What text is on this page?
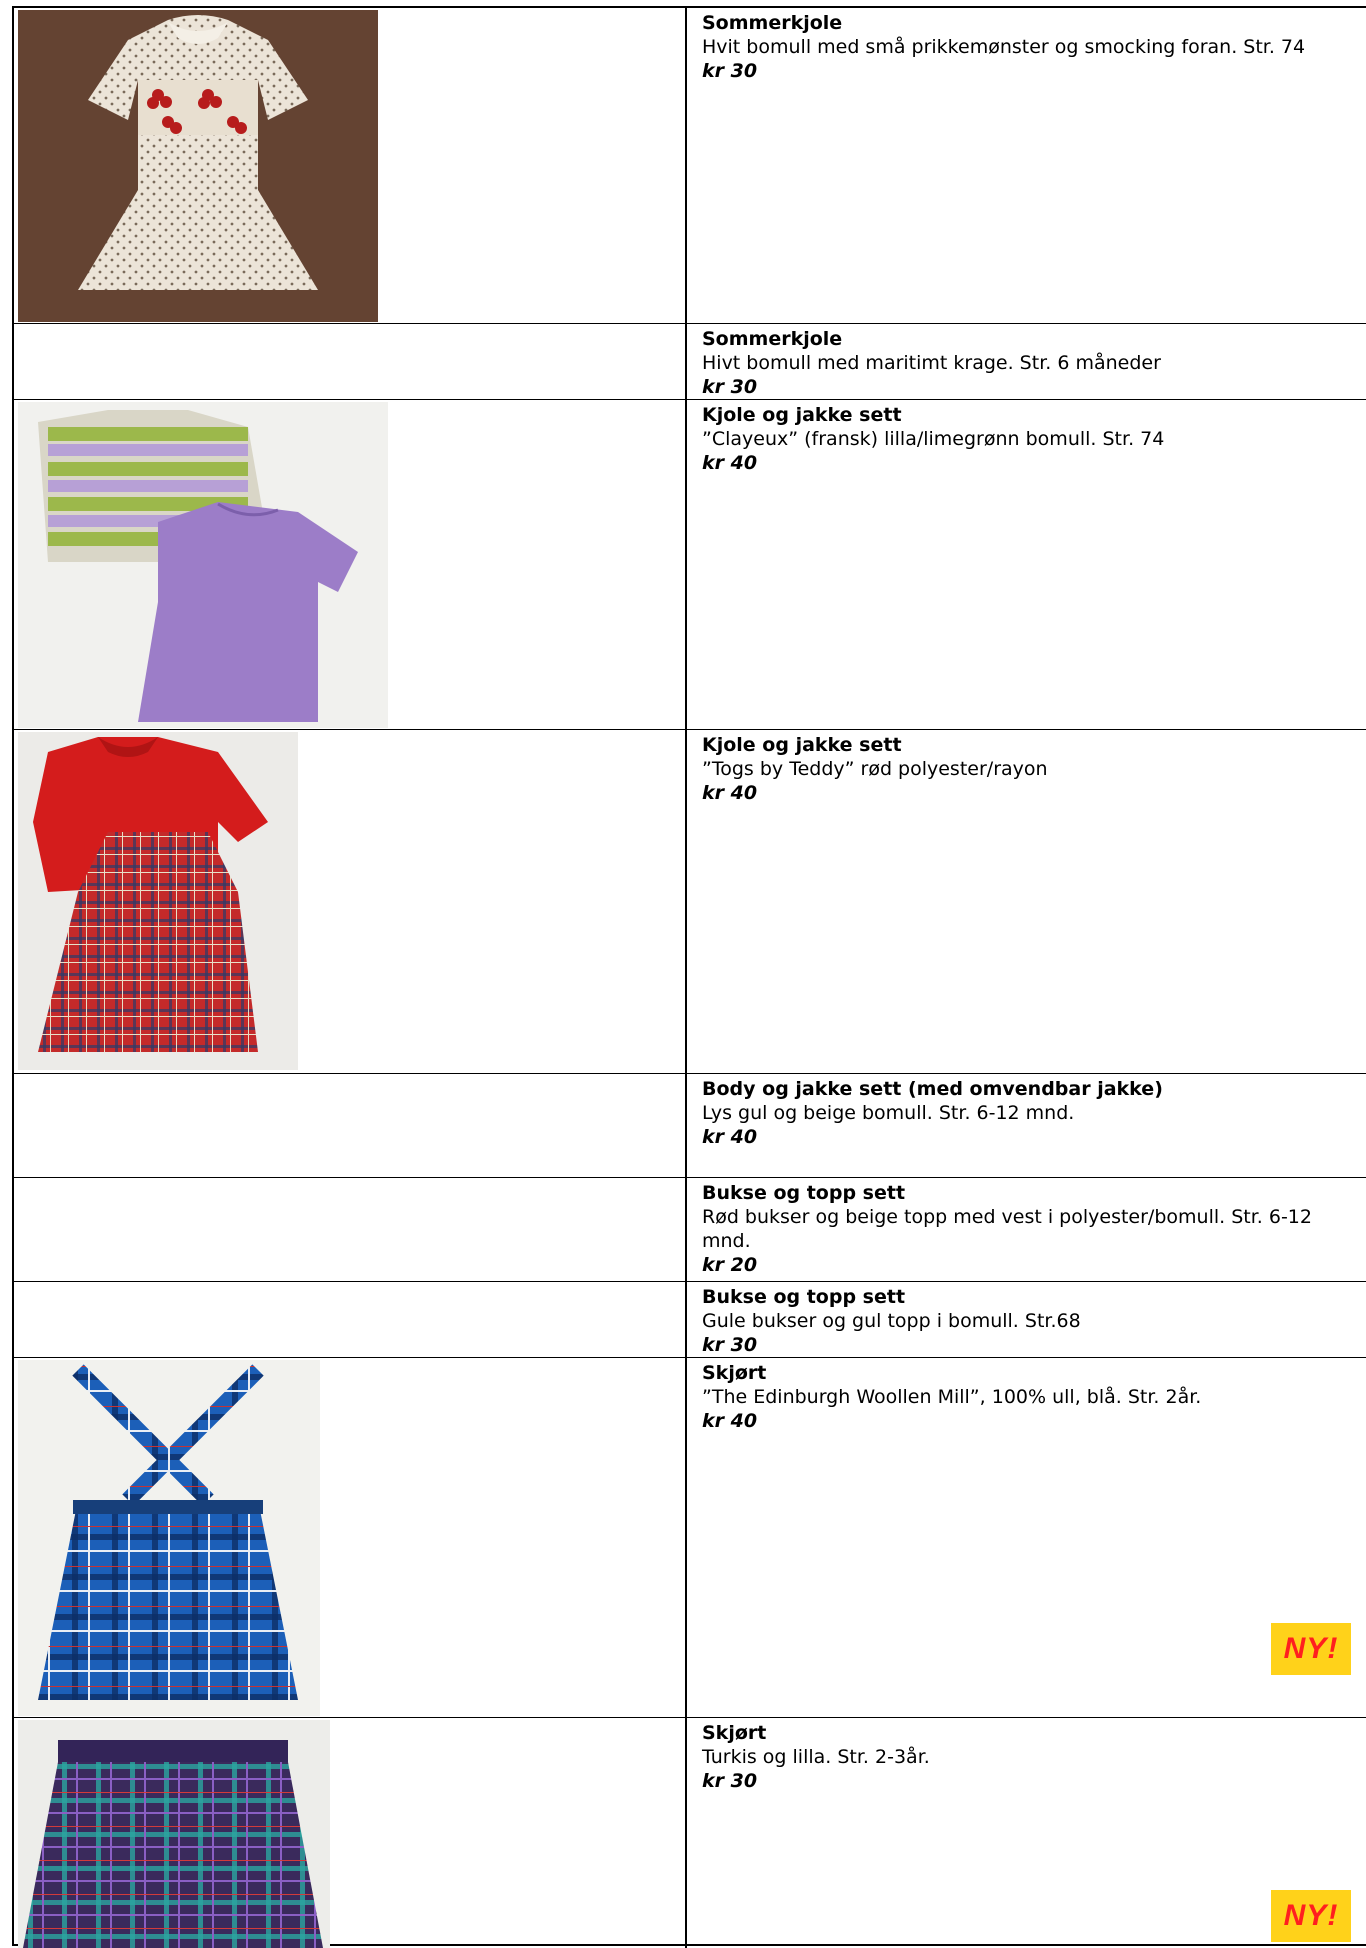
Sommerkjole
Hvit bomull med små prikkemønster og smocking foran. Str. 74
kr 30
Sommerkjole
Hivt bomull med maritimt krage. Str. 6 måneder
kr 30
Kjole og jakke sett
”Clayeux” (fransk) lilla/limegrønn bomull. Str. 74
kr 40
Kjole og jakke sett
”Togs by Teddy” rød polyester/rayon
kr 40
Body og jakke sett (med omvendbar jakke)
Lys gul og beige bomull. Str. 6-12 mnd.
kr 40
Bukse og topp sett
Rød bukser og beige topp med vest i polyester/bomull. Str. 6-12 mnd.
kr 20
Bukse og topp sett
Gule bukser og gul topp i bomull. Str.68
kr 30
Skjørt
”The Edinburgh Woollen Mill”, 100% ull, blå. Str. 2år.
kr 40
NY!
Skjørt
Turkis og lilla. Str. 2-3år.
kr 30
NY!
